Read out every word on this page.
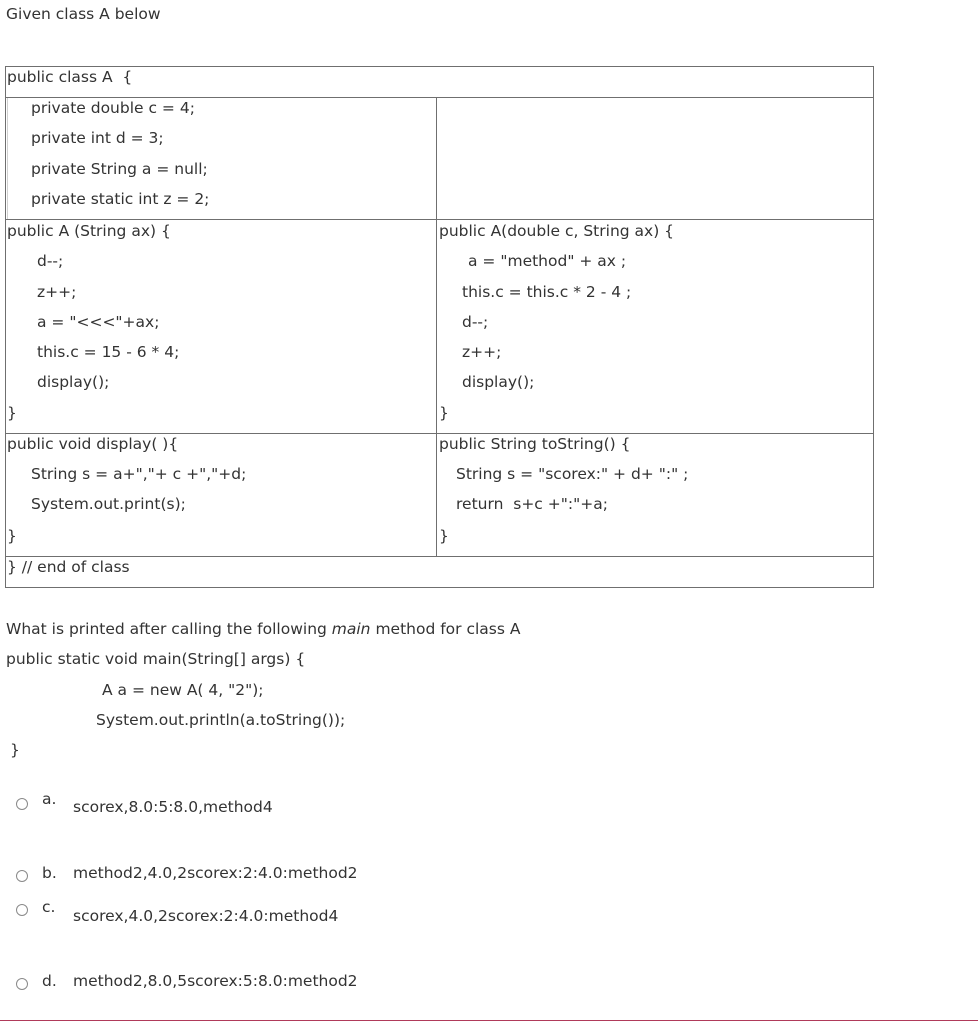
Given class A below
public class A  {
private double c = 4;
private int d = 3;
private String a = null;
private static int z = 2;
public A (String ax) {
d--;
z++;
a = "<<<"+ax;
this.c = 15 - 6 * 4;
display();
}
public A(double c, String ax) {
a = "method" + ax ;
this.c = this.c * 2 - 4 ;
d--;
z++;
display();
}
public void display( ){
String s = a+","+ c +","+d;
System.out.print(s);
}
public String toString() {
String s = "scorex:" + d+ ":" ;
return  s+c +":"+a;
}
} // end of class
What is printed after calling the following main method for class A
public static void main(String[] args) {
A a = new A( 4, "2");
System.out.println(a.toString());
}
a. scorex,8.0:5:8.0,method4
b. method2,4.0,2scorex:2:4.0:method2
c. scorex,4.0,2scorex:2:4.0:method4
d. method2,8.0,5scorex:5:8.0:method2
